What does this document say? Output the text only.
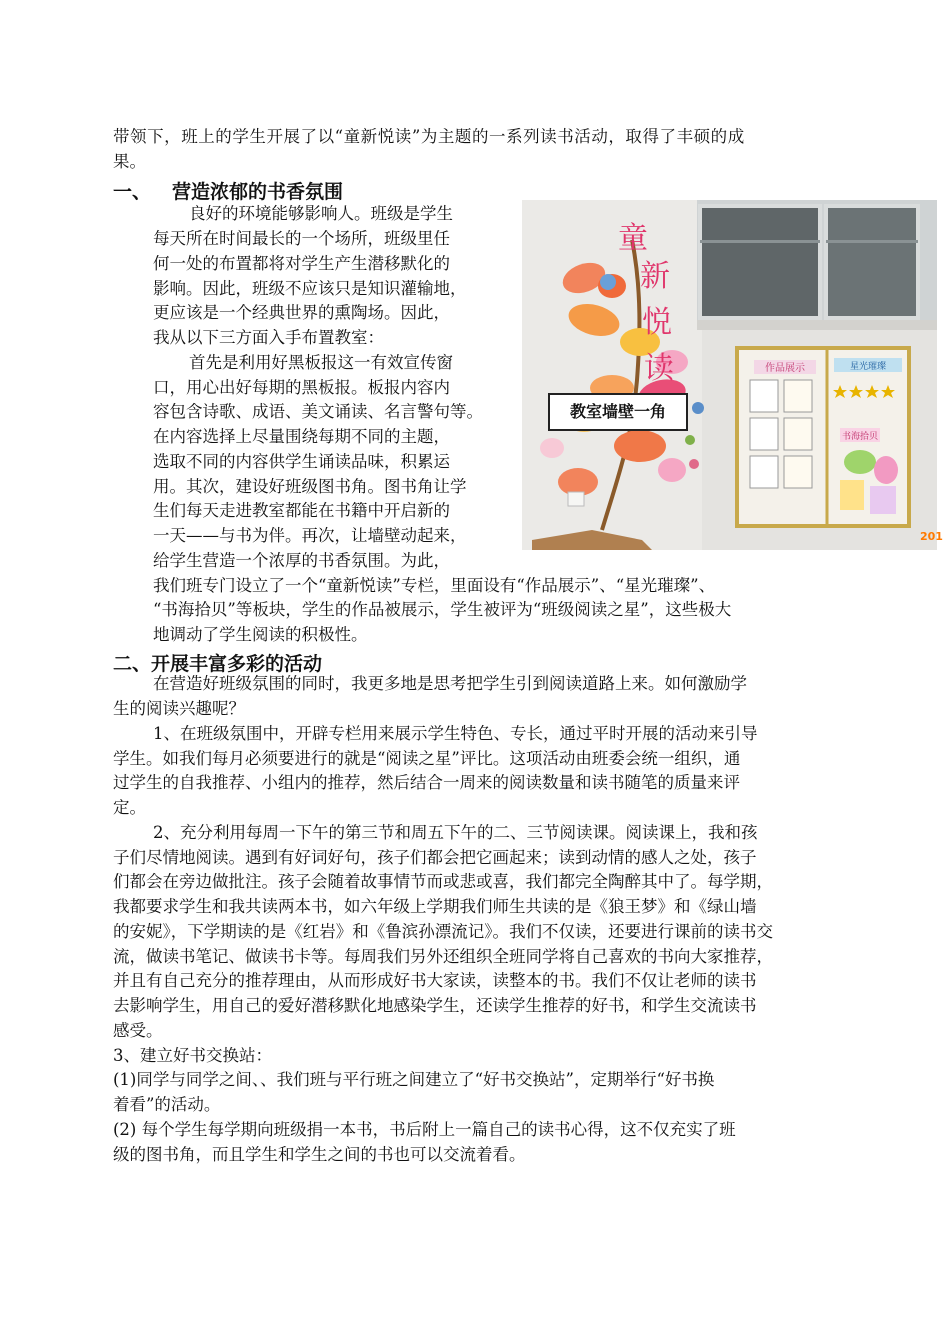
带领下，班上的学生开展了以“童新悦读”为主题的一系列读书活动，取得了丰硕的成
果。
一、 营造浓郁的书香氛围
良好的环境能够影响人。班级是学生
每天所在时间最长的一个场所，班级里任
何一处的布置都将对学生产生潜移默化的
影响。因此，班级不应该只是知识灌输地，
更应该是一个经典世界的熏陶场。因此，
我从以下三方面入手布置教室：
首先是利用好黑板报这一有效宣传窗
口，用心出好每期的黑板报。板报内容内
容包含诗歌、成语、美文诵读、名言警句等。
在内容选择上尽量围绕每期不同的主题，
选取不同的内容供学生诵读品味，积累运
用。其次，建设好班级图书角。图书角让学
生们每天走进教室都能在书籍中开启新的
一天——与书为伴。再次，让墙壁动起来，
给学生营造一个浓厚的书香氛围。为此，
我们班专门设立了一个“童新悦读”专栏，里面设有“作品展示”、“星光璀璨”、
“书海拾贝”等板块，学生的作品被展示，学生被评为“班级阅读之星”，这些极大
地调动了学生阅读的积极性。
作品展示	星光璀璨
书海拾贝
童
新
悦
读
201
教室墙壁一角
二、开展丰富多彩的活动
在营造好班级氛围的同时，我更多地是思考把学生引到阅读道路上来。如何激励学
生的阅读兴趣呢？
1、在班级氛围中，开辟专栏用来展示学生特色、专长，通过平时开展的活动来引导
学生。如我们每月必须要进行的就是“阅读之星”评比。这项活动由班委会统一组织，通
过学生的自我推荐、小组内的推荐，然后结合一周来的阅读数量和读书随笔的质量来评
定。
2、充分利用每周一下午的第三节和周五下午的二、三节阅读课。阅读课上，我和孩
子们尽情地阅读。遇到有好词好句，孩子们都会把它画起来；读到动情的感人之处，孩子
们都会在旁边做批注。孩子会随着故事情节而或悲或喜，我们都完全陶醉其中了。每学期，
我都要求学生和我共读两本书，如六年级上学期我们师生共读的是《狼王梦》和《绿山墙
的安妮》，下学期读的是《红岩》和《鲁滨孙漂流记》。我们不仅读，还要进行课前的读书交
流，做读书笔记、做读书卡等。每周我们另外还组织全班同学将自己喜欢的书向大家推荐，
并且有自己充分的推荐理由，从而形成好书大家读，读整本的书。我们不仅让老师的读书
去影响学生，用自己的爱好潜移默化地感染学生，还读学生推荐的好书，和学生交流读书
感受。
3、建立好书交换站：
(1)同学与同学之间、、我们班与平行班之间建立了“好书交换站”，定期举行“好书换
着看”的活动。
(2) 每个学生每学期向班级捐一本书，书后附上一篇自己的读书心得，这不仅充实了班
级的图书角，而且学生和学生之间的书也可以交流着看。
